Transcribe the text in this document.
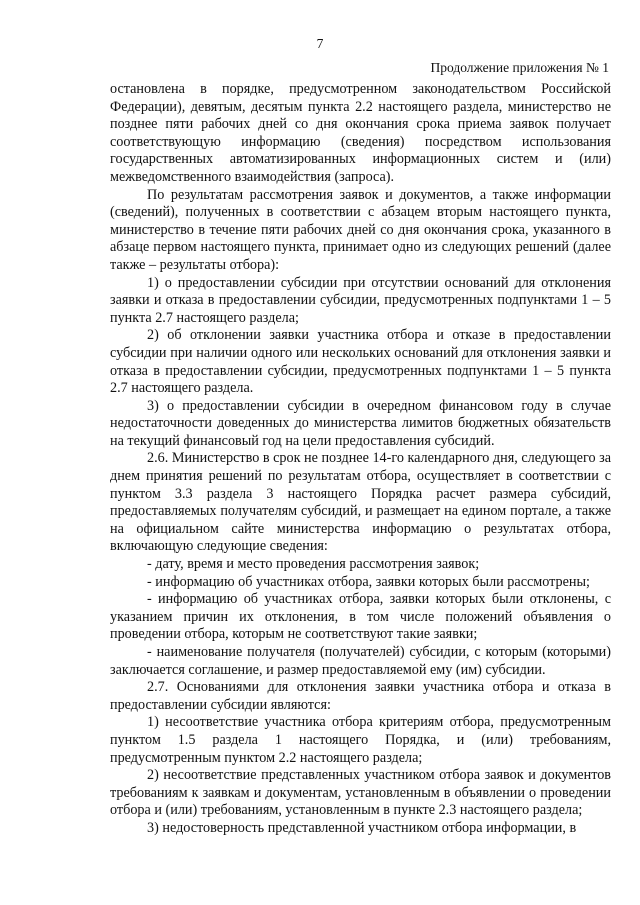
7
Продолжение приложения № 1

остановлена в порядке, предусмотренном законодательством Российской Федерации), девятым, десятым пункта 2.2 настоящего раздела, министерство не позднее пяти рабочих дней со дня окончания срока приема заявок получает соответствующую информацию (сведения) посредством использования государственных автоматизированных информационных систем и (или) межведомственного взаимодействия (запроса).

По результатам рассмотрения заявок и документов, а также информации (сведений), полученных в соответствии с абзацем вторым настоящего пункта, министерство в течение пяти рабочих дней со дня окончания срока, указанного в абзаце первом настоящего пункта, принимает одно из следующих решений (далее также – результаты отбора):

1) о предоставлении субсидии при отсутствии оснований для отклонения заявки и отказа в предоставлении субсидии, предусмотренных подпунктами 1 – 5 пункта 2.7 настоящего раздела;

2) об отклонении заявки участника отбора и отказе в предоставлении субсидии при наличии одного или нескольких оснований для отклонения заявки и отказа в предоставлении субсидии, предусмотренных подпунктами 1 – 5 пункта 2.7 настоящего раздела.

3) о предоставлении субсидии в очередном финансовом году в случае недостаточности доведенных до министерства лимитов бюджетных обязательств на текущий финансовый год на цели предоставления субсидий.

2.6. Министерство в срок не позднее 14-го календарного дня, следующего за днем принятия решений по результатам отбора, осуществляет в соответствии с пунктом 3.3 раздела 3 настоящего Порядка расчет размера субсидий, предоставляемых получателям субсидий, и размещает на едином портале, а также на официальном сайте министерства информацию о результатах отбора, включающую следующие сведения:

- дату, время и место проведения рассмотрения заявок;

- информацию об участниках отбора, заявки которых были рассмотрены;

- информацию об участниках отбора, заявки которых были отклонены, с указанием причин их отклонения, в том числе положений объявления о проведении отбора, которым не соответствуют такие заявки;

- наименование получателя (получателей) субсидии, с которым (которыми) заключается соглашение, и размер предоставляемой ему (им) субсидии.

2.7. Основаниями для отклонения заявки участника отбора и отказа в предоставлении субсидии являются:

1) несоответствие участника отбора критериям отбора, предусмотренным пунктом 1.5 раздела 1 настоящего Порядка, и (или) требованиям, предусмотренным пунктом 2.2 настоящего раздела;

2) несоответствие представленных участником отбора заявок и документов требованиям к заявкам и документам, установленным в объявлении о проведении отбора и (или) требованиям, установленным в пункте 2.3 настоящего раздела;

3) недостоверность представленной участником отбора информации, в
